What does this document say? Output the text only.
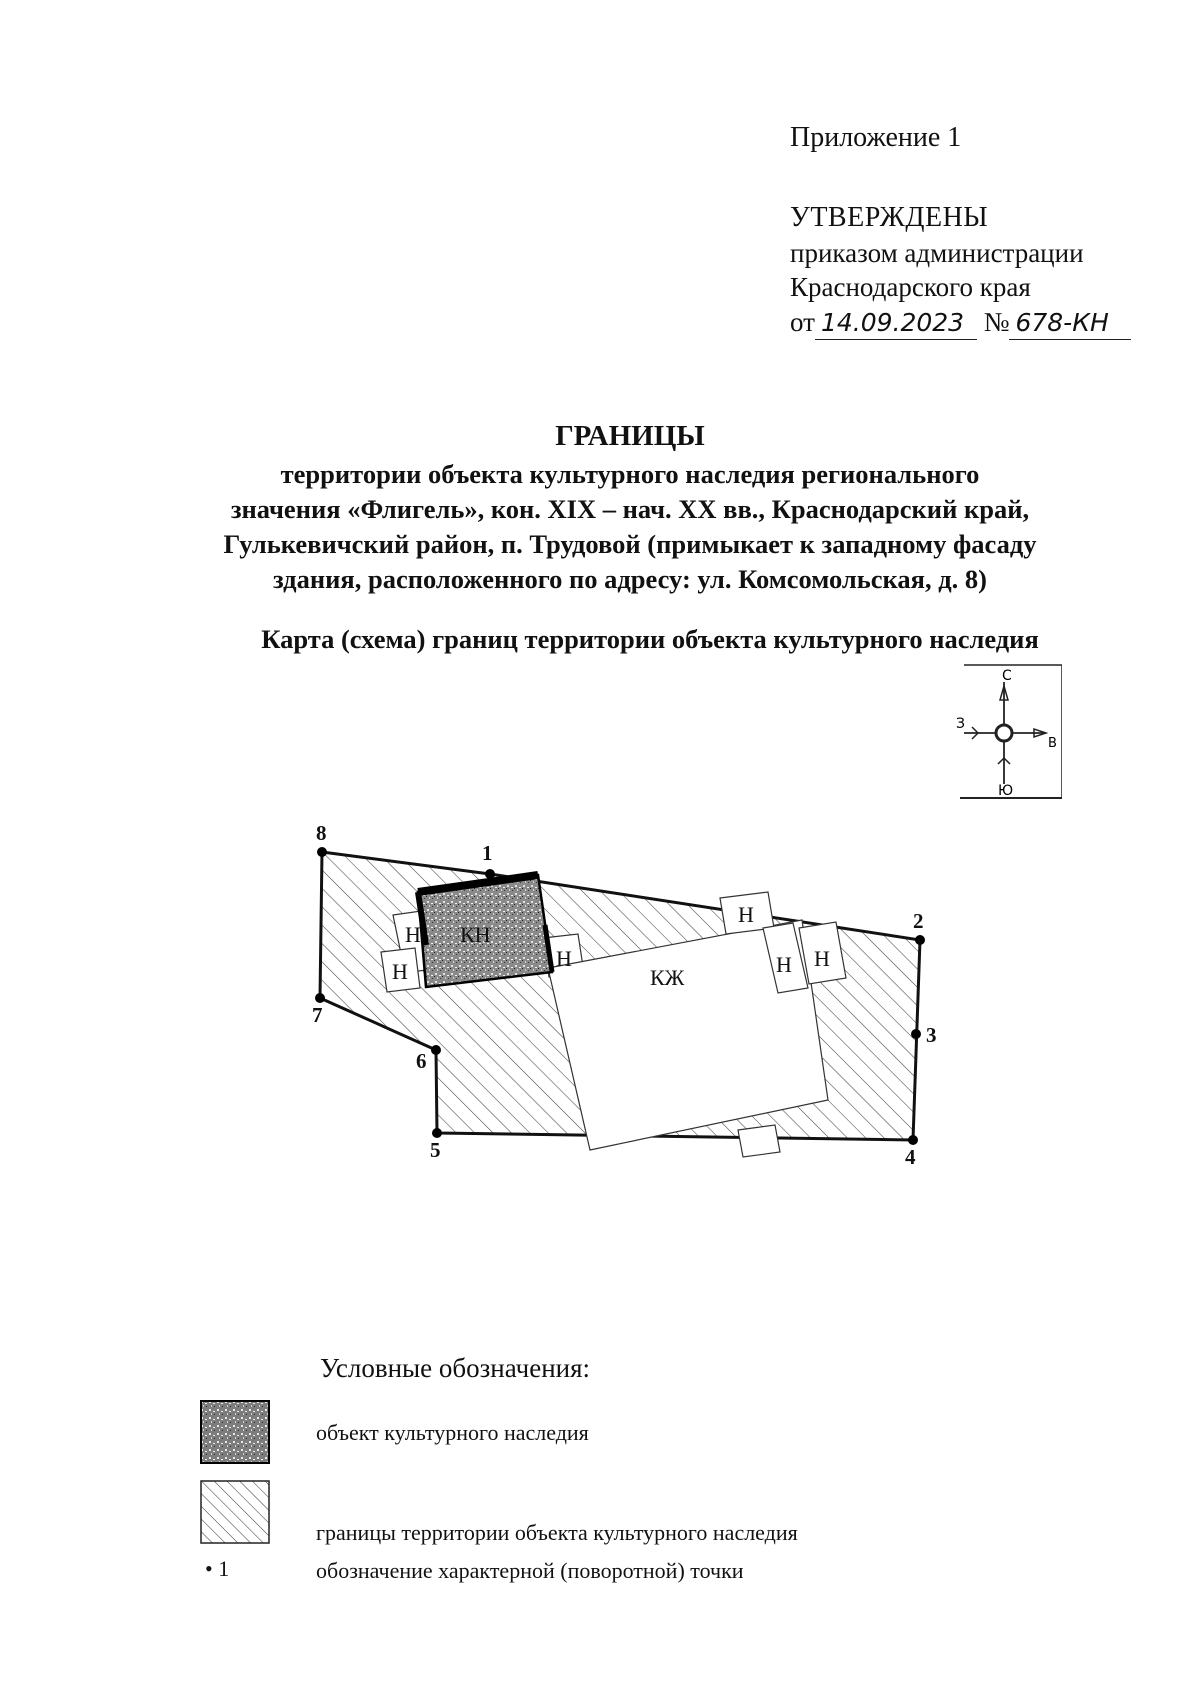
Приложение 1
УТВЕРЖДЕНЫ
приказом администрации
Краснодарского края
от 14.09.2023 № 678-КН
ГРАНИЦЫ
территории объекта культурного наследия регионального
значения «Флигель», кон. XIX – нач. XX вв., Краснодарский край,
Гулькевичский район, п. Трудовой (примыкает к западному фасаду
здания, расположенного по адресу: ул. Комсомольская, д. 8)
Карта (схема) границ территории объекта культурного наследия
С
З
В
Ю
КН
КЖ
Н
Н
Н
Н
Н Н
1
2
3
4
5
6
7
8
Условные обозначения:
объект культурного наследия
границы территории объекта культурного наследия
• 1	обозначение характерной (поворотной) точки
